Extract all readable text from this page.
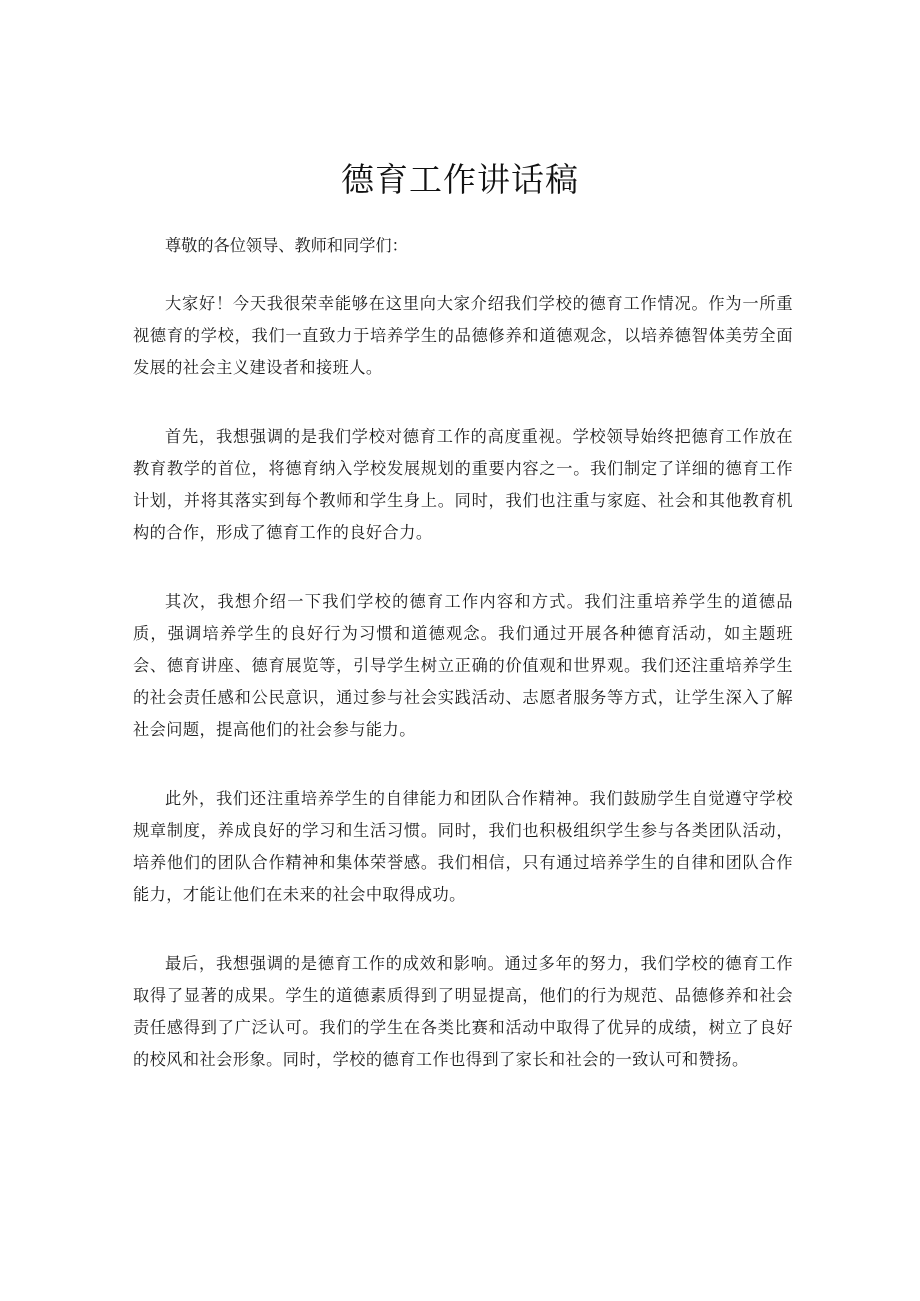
德育工作讲话稿

尊敬的各位领导、教师和同学们：

大家好！今天我很荣幸能够在这里向大家介绍我们学校的德育工作情况。作为一所重视德育的学校，我们一直致力于培养学生的品德修养和道德观念，以培养德智体美劳全面发展的社会主义建设者和接班人。

首先，我想强调的是我们学校对德育工作的高度重视。学校领导始终把德育工作放在教育教学的首位，将德育纳入学校发展规划的重要内容之一。我们制定了详细的德育工作计划，并将其落实到每个教师和学生身上。同时，我们也注重与家庭、社会和其他教育机构的合作，形成了德育工作的良好合力。

其次，我想介绍一下我们学校的德育工作内容和方式。我们注重培养学生的道德品质，强调培养学生的良好行为习惯和道德观念。我们通过开展各种德育活动，如主题班会、德育讲座、德育展览等，引导学生树立正确的价值观和世界观。我们还注重培养学生的社会责任感和公民意识，通过参与社会实践活动、志愿者服务等方式，让学生深入了解社会问题，提高他们的社会参与能力。

此外，我们还注重培养学生的自律能力和团队合作精神。我们鼓励学生自觉遵守学校规章制度，养成良好的学习和生活习惯。同时，我们也积极组织学生参与各类团队活动，培养他们的团队合作精神和集体荣誉感。我们相信，只有通过培养学生的自律和团队合作能力，才能让他们在未来的社会中取得成功。

最后，我想强调的是德育工作的成效和影响。通过多年的努力，我们学校的德育工作取得了显著的成果。学生的道德素质得到了明显提高，他们的行为规范、品德修养和社会责任感得到了广泛认可。我们的学生在各类比赛和活动中取得了优异的成绩，树立了良好的校风和社会形象。同时，学校的德育工作也得到了家长和社会的一致认可和赞扬。
